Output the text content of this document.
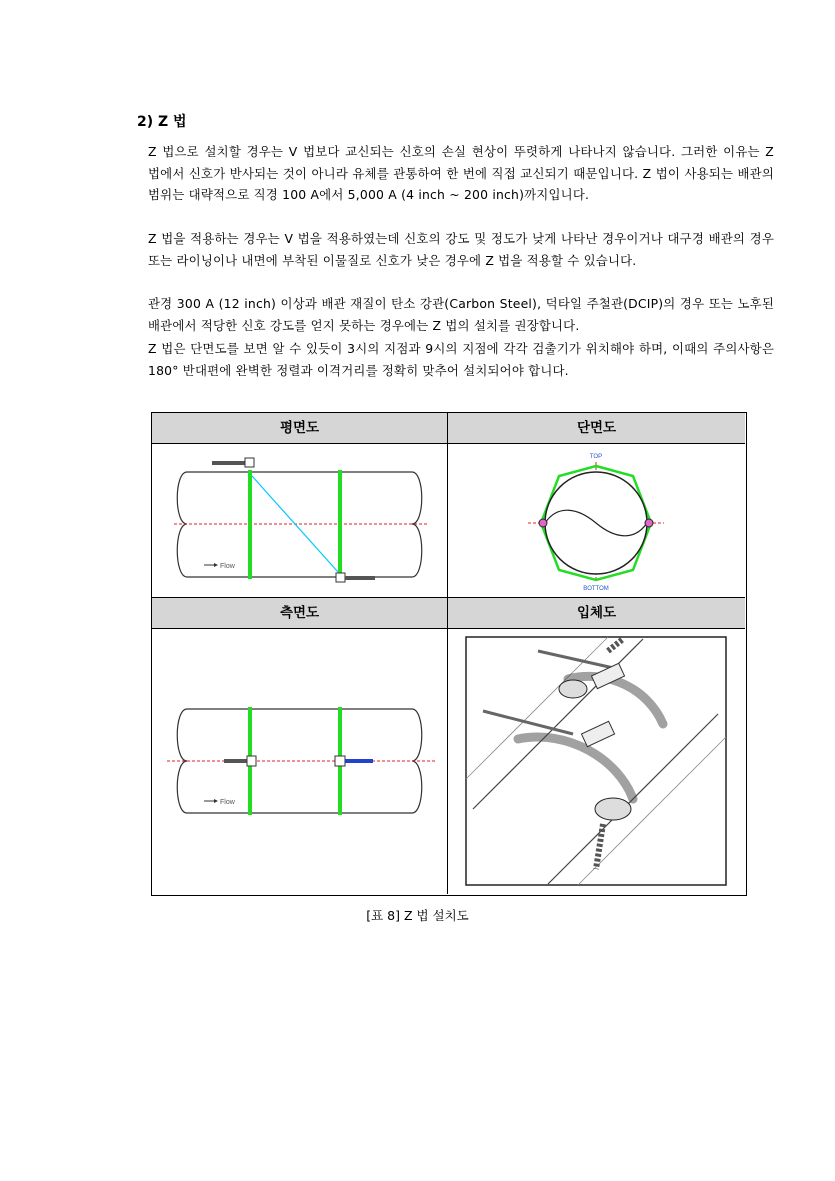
2) Z 법
Z 법으로 설치할 경우는 V 법보다 교신되는 신호의 손실 현상이 뚜렷하게 나타나지 않습니다. 그러한 이유는 Z 법에서 신호가 반사되는 것이 아니라 유체를 관통하여 한 번에 직접 교신되기 때문입니다. Z 법이 사용되는 배관의 범위는 대략적으로 직경 100 A에서 5,000 A (4 inch ~ 200 inch)까지입니다.
Z 법을 적용하는 경우는 V 법을 적용하였는데 신호의 강도 및 정도가 낮게 나타난 경우이거나 대구경 배관의 경우 또는 라이닝이나 내면에 부착된 이물질로 신호가 낮은 경우에 Z 법을 적용할 수 있습니다.
관경 300 A (12 inch) 이상과 배관 재질이 탄소 강관(Carbon Steel), 덕타일 주철관(DCIP)의 경우 또는 노후된 배관에서 적당한 신호 강도를 얻지 못하는 경우에는 Z 법의 설치를 권장합니다.
Z 법은 단면도를 보면 알 수 있듯이 3시의 지점과 9시의 지점에 각각 검출기가 위치해야 하며, 이때의 주의사항은 180° 반대편에 완벽한 정렬과 이격거리를 정확히 맞추어 설치되어야 합니다.
평면도
Flow
단면도
TOP
BOTTOM
측면도
Flow
입체도
[표 8] Z 법 설치도
